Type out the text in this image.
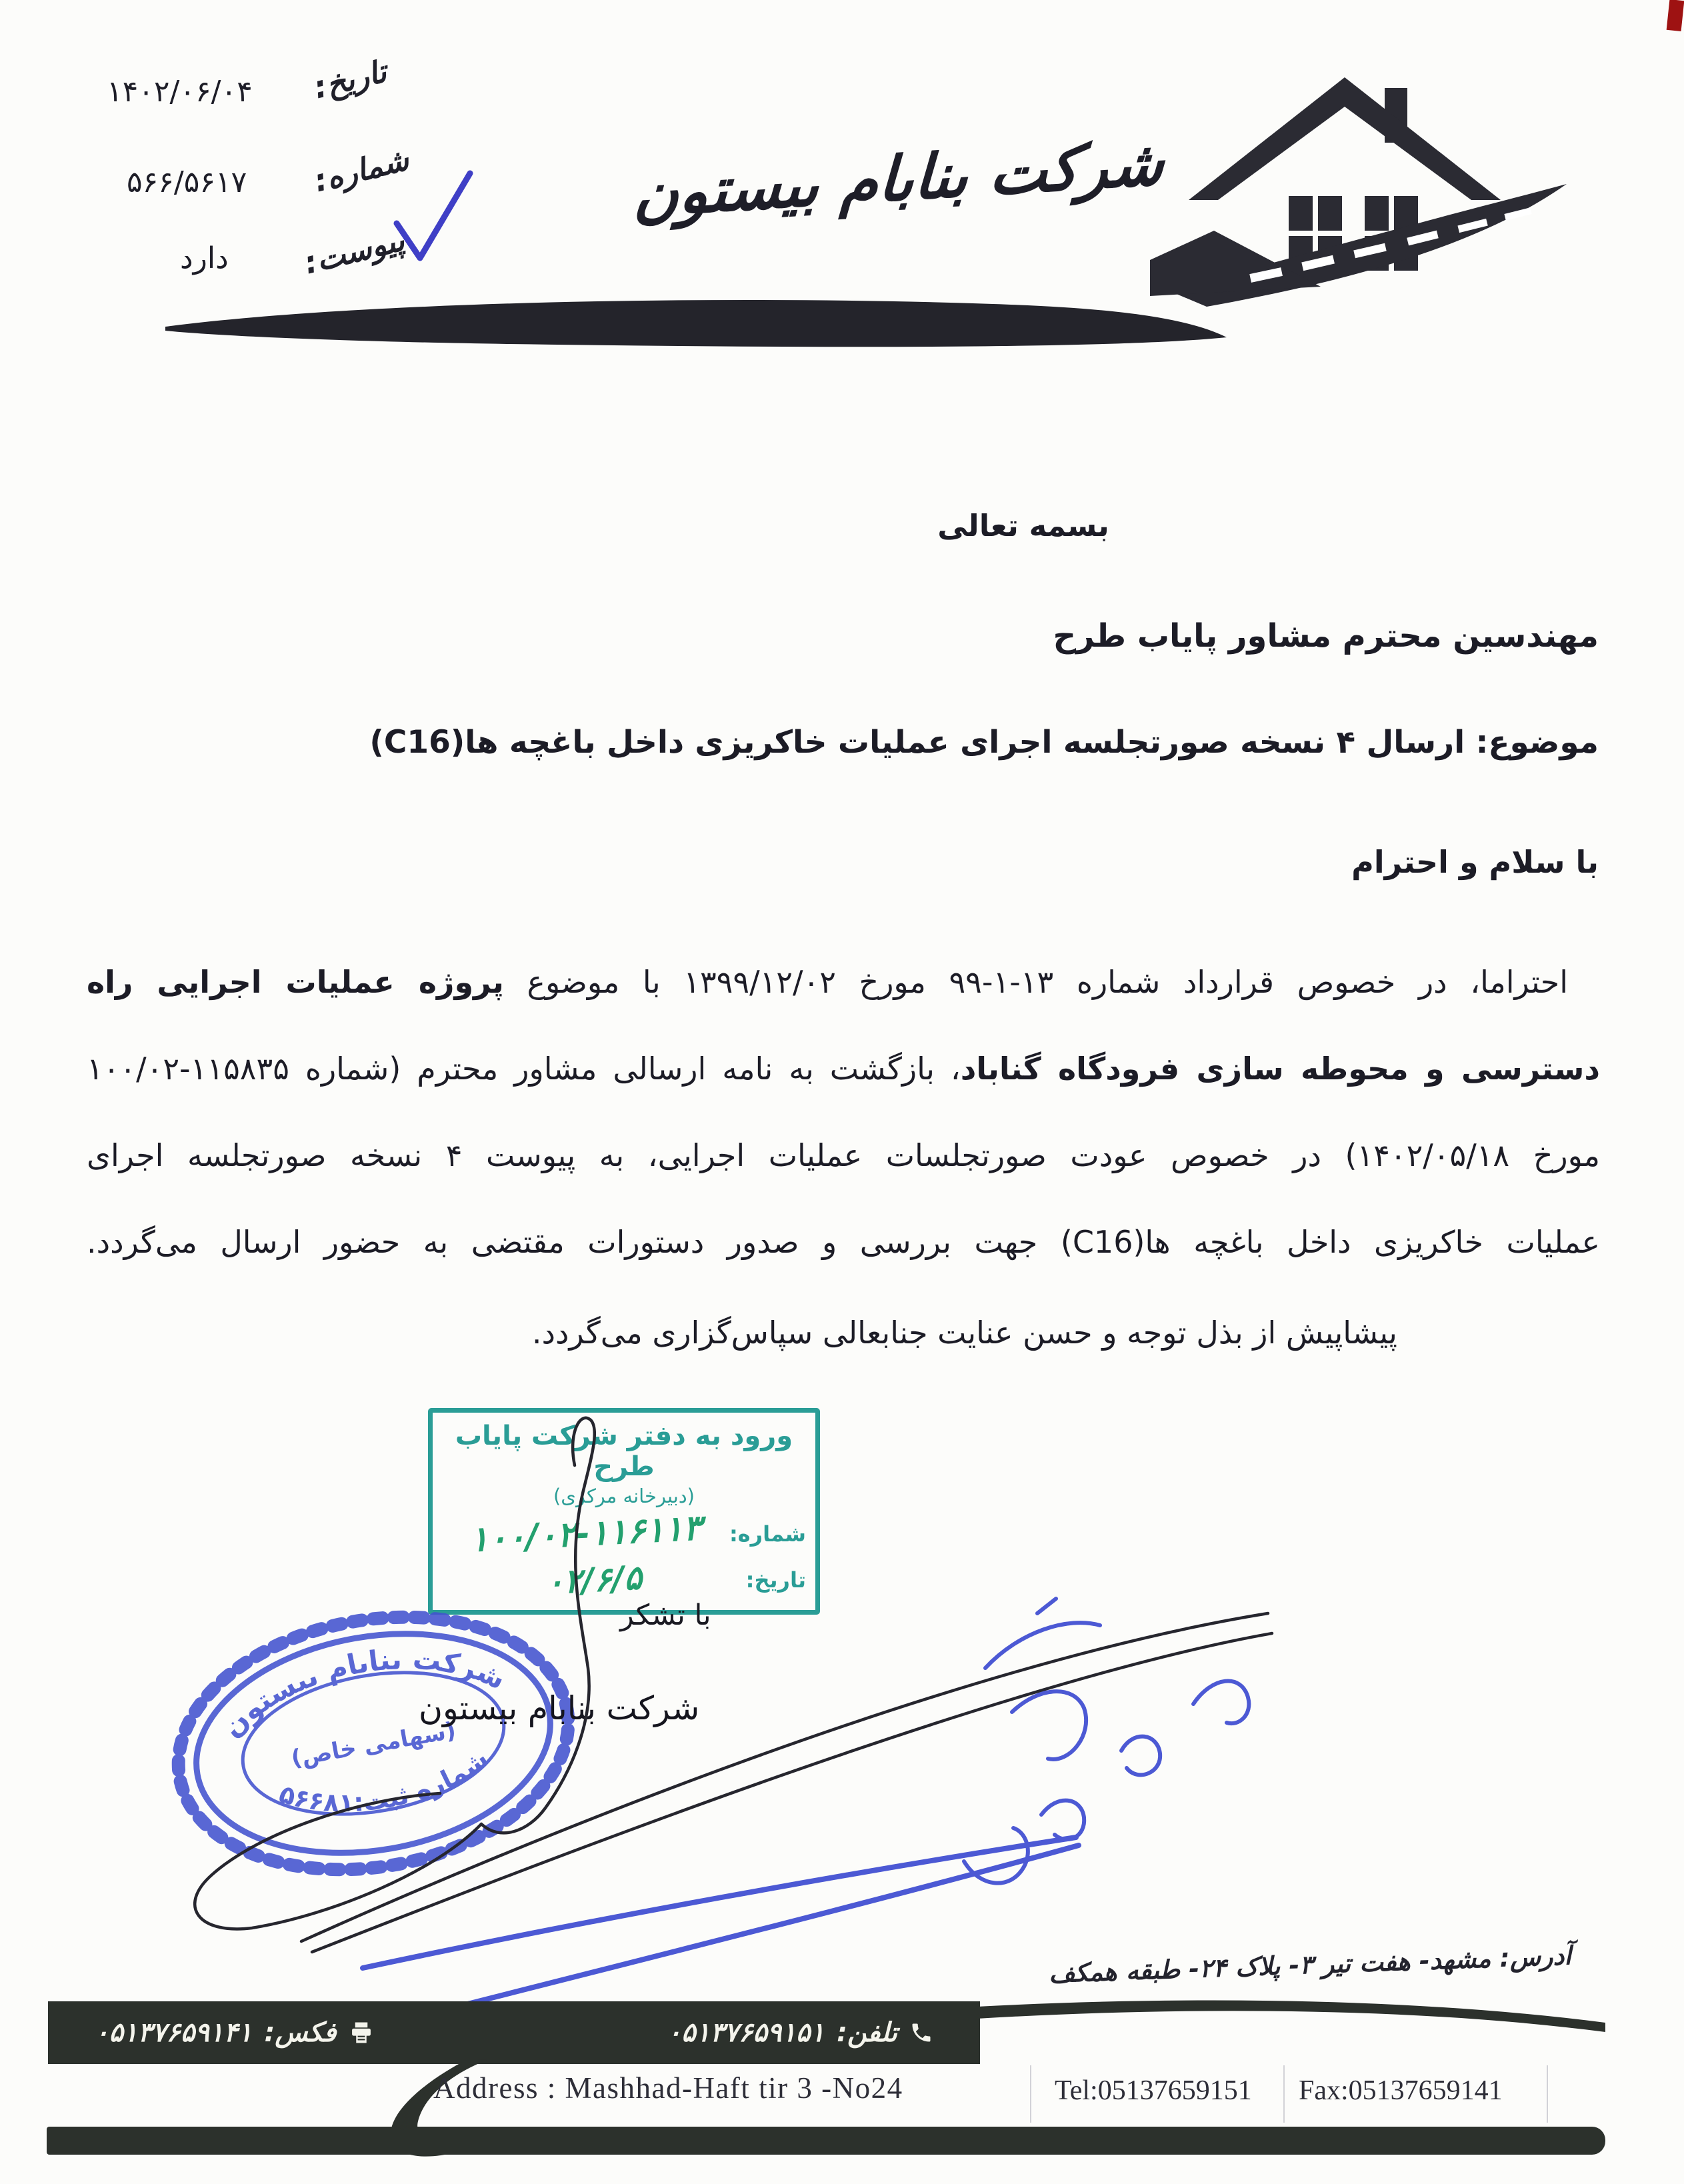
تاریخ:
۱۴۰۲/۰۶/۰۴
شماره:
۵۶۶/۵۶۱۷
پیوست:
دارد
شرکت بنابام بیستون
بسمه تعالی
مهندسین محترم مشاور پایاب طرح
موضوع: ارسال ۴ نسخه صورتجلسه اجرای عملیات خاکریزی داخل باغچه ها(C16)
با سلام و احترام
احتراما، در خصوص قرارداد شماره ۱۳-۱-۹۹ مورخ ۱۳۹۹/۱۲/۰۲ با موضوع پروژه عملیات اجرایی راه
دسترسی و محوطه سازی فرودگاه گناباد، بازگشت به نامه ارسالی مشاور محترم (شماره ۱۱۵۸۳۵-۱۰۰/۰۲
مورخ ۱۴۰۲/۰۵/۱۸) در خصوص عودت صورتجلسات عملیات اجرایی، به پیوست ۴ نسخه صورتجلسه اجرای
عملیات خاکریزی داخل باغچه ها(C16) جهت بررسی و صدور دستورات مقتضی به حضور ارسال می‌گردد.
پیشاپیش از بذل توجه و حسن عنایت جنابعالی سپاس‌گزاری می‌گردد.
ورود به دفتر شرکت پایاب طرح
(دبیرخانه مرکزی)
شماره:
۱۰۰/۰۲-۱۱۶۱۱۳
تاریخ:
۰۲/۶/۵
شرکت بنابام بیستون
(سهامی خاص)
شماره ثبت:۵۶۶۸۱
با تشکر
شرکت بنابام بیستون
آدرس: مشهد- هفت تیر ۳- پلاک ۲۴- طبقه همکف
تلفن:
۰۵۱۳۷۶۵۹۱۵۱
فکس:
۰۵۱۳۷۶۵۹۱۴۱
Address : Mashhad-Haft tir 3 -No24	Tel:05137659151 Fax:05137659141
